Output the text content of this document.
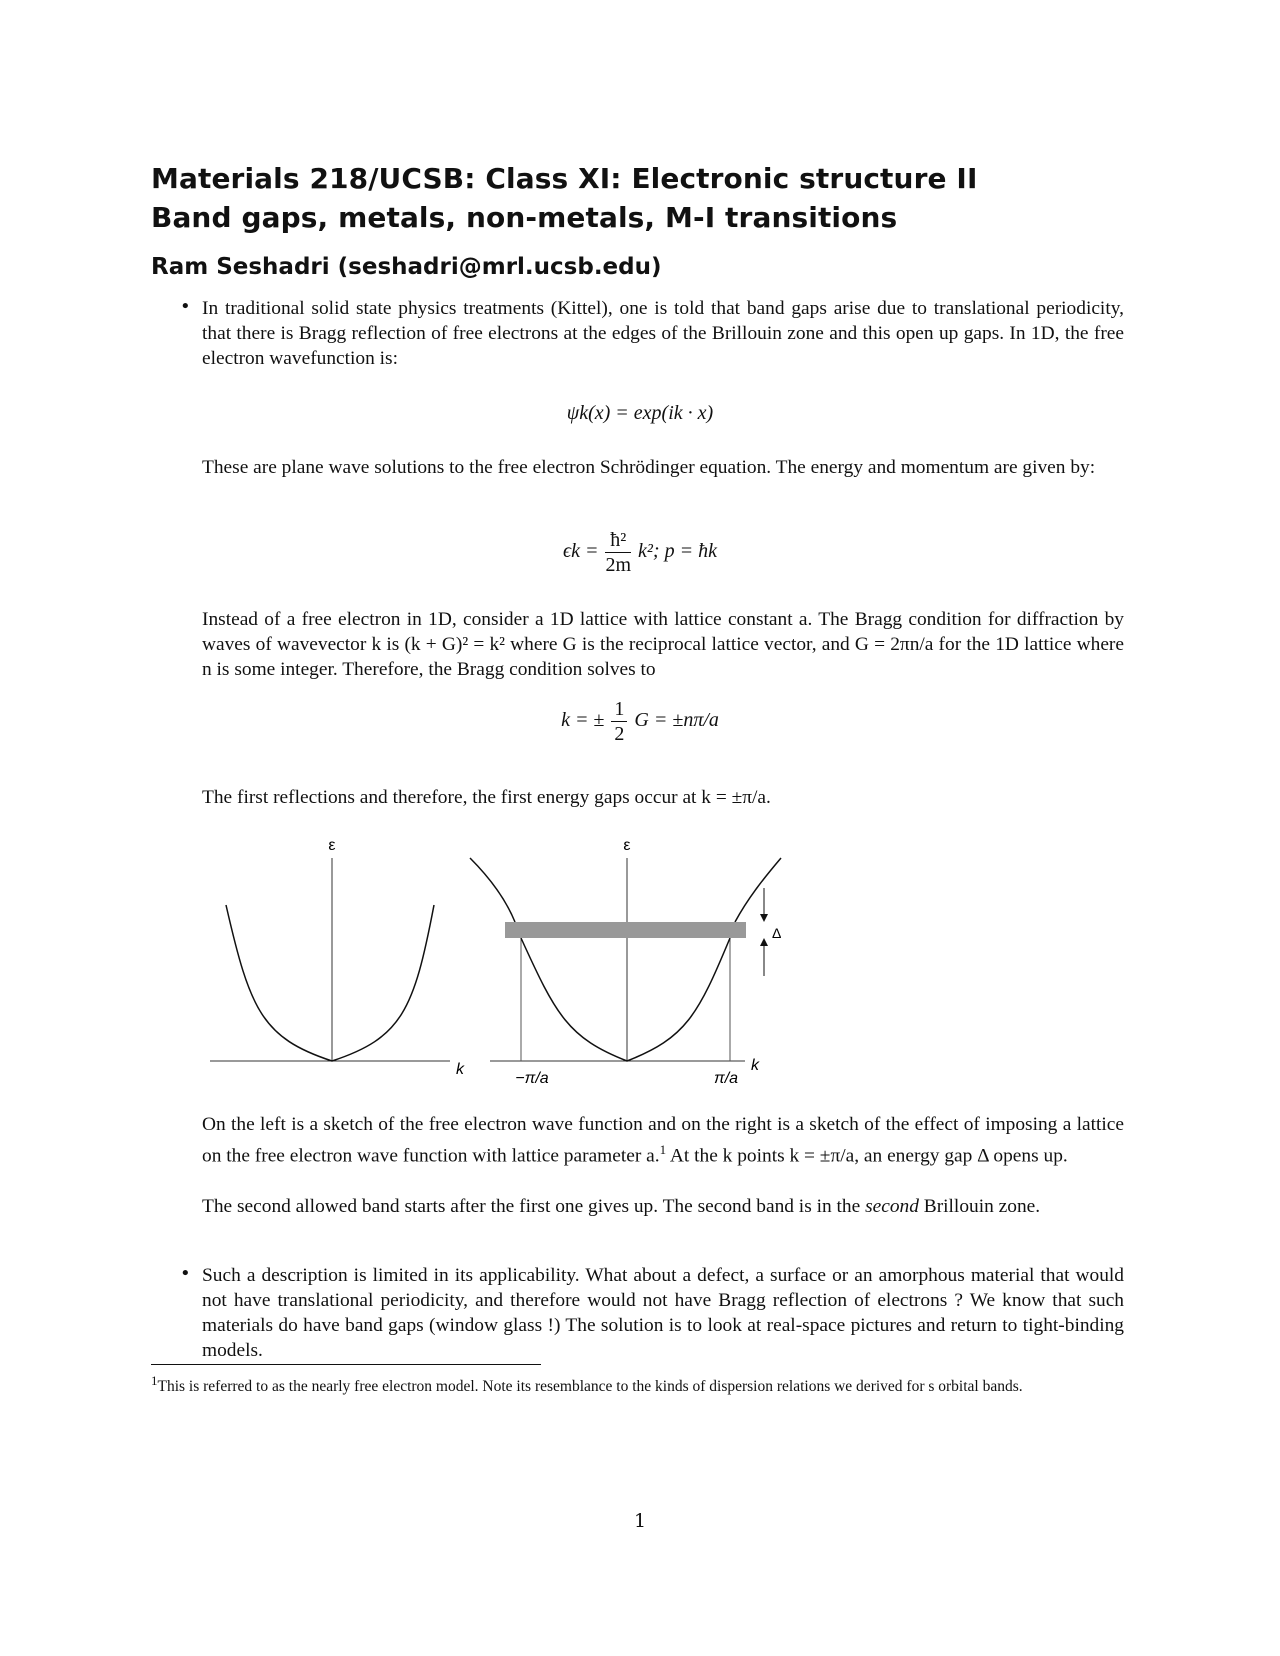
Materials 218/UCSB: Class XI: Electronic structure II
Band gaps, metals, non-metals, M-I transitions
Ram Seshadri (seshadri@mrl.ucsb.edu)
• In traditional solid state physics treatments (Kittel), one is told that band gaps arise due to translational periodicity, that there is Bragg reflection of free electrons at the edges of the Brillouin zone and this open up gaps. In 1D, the free electron wavefunction is:
ψk(x) = exp(ik · x)
These are plane wave solutions to the free electron Schrödinger equation. The energy and momentum are given by:
$\epsilon k = \frac{\text{ħ²}}{2m} k^2$; p = ħk
Instead of a free electron in 1D, consider a 1D lattice with lattice constant a. The Bragg condition for diffraction by waves of wavevector k is (k + G)² = k² where G is the reciprocal lattice vector, and G = 2πn/a for the 1D lattice where n is some integer. Therefore, the Bragg condition solves to
k = ± $\frac{1}{2}$ G = ±nπ/a
The first reflections and therefore, the first energy gaps occur at k = ±π/a.
ε
k
Δ
ε
k
−π/a	π/a
On the left is a sketch of the free electron wave function and on the right is a sketch of the effect of imposing a lattice on the free electron wave function with lattice parameter a.$^1$ At the k points k = ±π/a, an energy gap Δ opens up.
The second allowed band starts after the first one gives up. The second band is in the second Brillouin zone.
• Such a description is limited in its applicability. What about a defect, a surface or an amorphous material that would not have translational periodicity, and therefore would not have Bragg reflection of electrons ? We know that such materials do have band gaps (window glass !) The solution is to look at real-space pictures and return to tight-binding models.
$^1$This is referred to as the nearly free electron model. Note its resemblance to the kinds of dispersion relations we derived for s orbital bands.
1
